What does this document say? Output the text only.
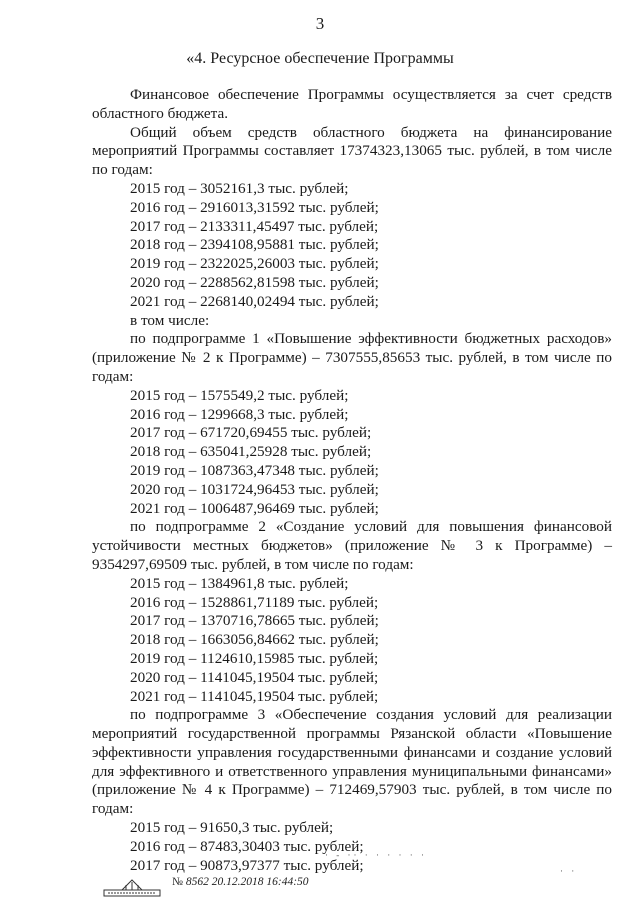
3
«4. Ресурсное обеспечение Программы

Финансовое обеспечение Программы осуществляется за счет средств областного бюджета.

Общий объем средств областного бюджета на финансирование мероприятий Программы составляет 17374323,13065 тыс. рублей, в том числе по годам:

2015 год – 3052161,3 тыс. рублей;

2016 год – 2916013,31592 тыс. рублей;

2017 год – 2133311,45497 тыс. рублей;

2018 год – 2394108,95881 тыс. рублей;

2019 год – 2322025,26003 тыс. рублей;

2020 год – 2288562,81598 тыс. рублей;

2021 год – 2268140,02494 тыс. рублей;

в том числе:

по подпрограмме 1 «Повышение эффективности бюджетных расходов» (приложение № 2 к Программе) – 7307555,85653 тыс. рублей, в том числе по годам:

2015 год – 1575549,2 тыс. рублей;

2016 год – 1299668,3 тыс. рублей;

2017 год – 671720,69455 тыс. рублей;

2018 год – 635041,25928 тыс. рублей;

2019 год – 1087363,47348 тыс. рублей;

2020 год – 1031724,96453 тыс. рублей;

2021 год – 1006487,96469 тыс. рублей;

по подпрограмме 2 «Создание условий для повышения финансовой устойчивости местных бюджетов» (приложение № 3 к Программе) – 9354297,69509 тыс. рублей, в том числе по годам:

2015 год – 1384961,8 тыс. рублей;

2016 год – 1528861,71189 тыс. рублей;

2017 год – 1370716,78665 тыс. рублей;

2018 год – 1663056,84662 тыс. рублей;

2019 год – 1124610,15985 тыс. рублей;

2020 год – 1141045,19504 тыс. рублей;

2021 год – 1141045,19504 тыс. рублей;

по подпрограмме 3 «Обеспечение создания условий для реализации мероприятий государственной программы Рязанской области «Повышение эффективности управления государственными финансами и создание условий для эффективного и ответственного управления муниципальными финансами» (приложение № 4 к Программе) – 712469,57903 тыс. рублей, в том числе по годам:

2015 год – 91650,3 тыс. рублей;

2016 год – 87483,30403 тыс. рублей;

2017 год – 90873,97377 тыс. рублей;

№ 8562 20.12.2018 16:44:50
· - ·· · · · · · ·
· ·
